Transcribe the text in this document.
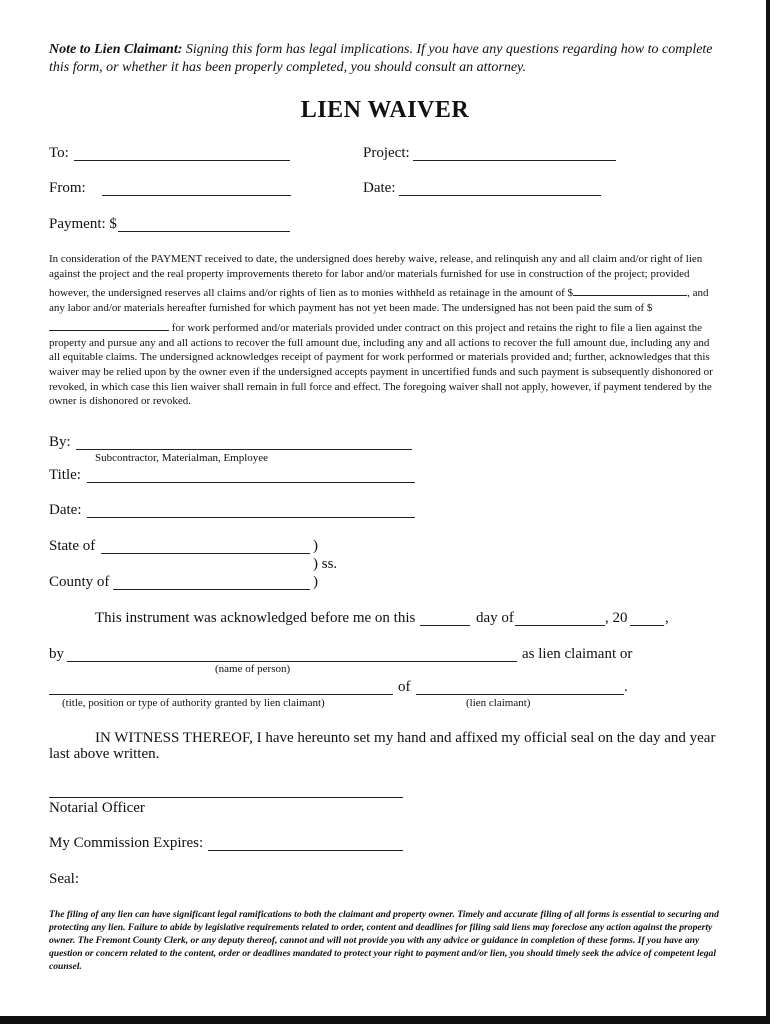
Note to Lien Claimant: Signing this form has legal implications. If you have any questions regarding how to complete this form, or whether it has been properly completed, you should consult an attorney.
LIEN WAIVER
To:	Project:
From:	Date:
Payment: $
In consideration of the PAYMENT received to date, the undersigned does hereby waive, release, and relinquish any and all claim and/or right of lien against the project and the real property improvements thereto for labor and/or materials furnished for use in construction of the project; provided however, the undersigned reserves all claims and/or rights of lien as to monies withheld as retainage in the amount of $	, and any labor and/or materials hereafter furnished for which payment has not yet been made. The undersigned has not been paid the sum of $ for work performed and/or materials provided under contract on this project and retains the right to file a lien against the property and pursue any and all actions to recover the full amount due, including any and all actions to recover the full amount due, including any and all equitable claims. The undersigned acknowledges receipt of payment for work performed or materials provided and; further, acknowledges that this waiver may be relied upon by the owner even if the undersigned accepts payment in uncertified funds and such payment is subsequently dishonored or revoked, in which case this lien waiver shall remain in full force and effect. The foregoing waiver shall not apply, however, if payment tendered by the owner is dishonored or revoked.
By:
Subcontractor, Materialman, Employee
Title:
Date:
State of	)
) ss.
County of	)
This instrument was acknowledged before me on this	day of	, 20	,
by	as lien claimant or
(name of person)
of	.
(title, position or type of authority granted by lien claimant)	(lien claimant)
IN WITNESS THEREOF, I have hereunto set my hand and affixed my official seal on the day and year
last above written.
Notarial Officer
My Commission Expires:
Seal:
The filing of any lien can have significant legal ramifications to both the claimant and property owner. Timely and accurate filing of all forms is essential to securing and protecting any lien. Failure to abide by legislative requirements related to order, content and deadlines for filing said liens may foreclose any action against the property owner. The Fremont County Clerk, or any deputy thereof, cannot and will not provide you with any advice or guidance in completion of these forms. If you have any question or concern related to the content, order or deadlines mandated to protect your right to payment and/or lien, you should timely seek the advice of competent legal counsel.
